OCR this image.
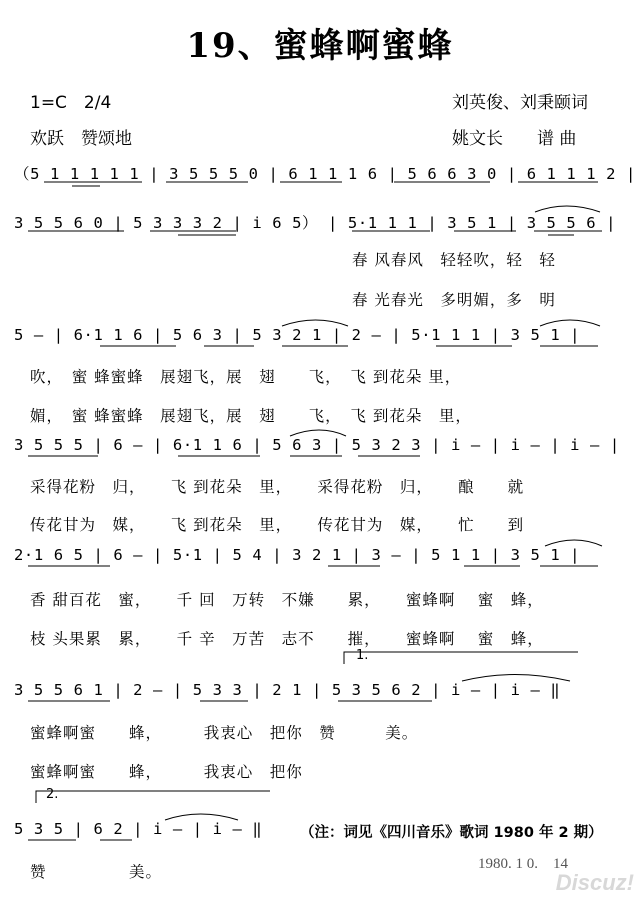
19、蜜蜂啊蜜蜂
1=C　2/4	刘英俊、刘秉颐词
欢跃　赞颂地	姚文长　　谱 曲
（5 1 1 1 1 1 | 3 5 5 5 0 | 6 1 1 1 6 | 5 6 6 3 0 | 6 1 1 1 2 |
3 5 5 6 0 | 5 3 3 3 2 | i 6 5） | 5·1 1 1 | 3 5 1 | 3 5 5 6 |
春 风春风　轻轻吹，轻　轻
春 光春光　多明媚，多　明
5 — | 6·1 1 6 | 5 6 3 | 5 3 2 1 | 2 — | 5·1 1 1 | 3 5 1 |
吹，　蜜 蜂蜜蜂　展翅飞，展　翅　　飞，　飞 到花朵 里，
媚，　蜜 蜂蜜蜂　展翅飞，展　翅　　飞，　飞 到花朵　里，
3 5 5 5 | 6 — | 6·1 1 6 | 5 6 3 | 5 3 2 3 | i — | i — | i — |
采得花粉　归，　　飞 到花朵　里，　　采得花粉　归，　　酿　　就
传花甘为　媒，　　飞 到花朵　里，　　传花甘为　媒，　　忙　　到
2·1 6 5 | 6 — | 5·1 | 5 4 | 3 2 1 | 3 — | 5 1 1 | 3 5 1 |
香 甜百花　蜜，　　千 回　万转　不嫌　　累，　　蜜蜂啊　 蜜　蜂，
枝 头果累　累，　　千 辛　万苦　志不　　摧，　　蜜蜂啊　 蜜　蜂，
1.
3 5 5 6 1 | 2 — | 5 3 3 | 2 1 | 5 3 5 6 2 | i — | i — ‖
蜜蜂啊蜜　　蜂，　　　我衷心　把你　赞　　　美。
蜜蜂啊蜜　　蜂，　　　我衷心　把你
2.
5 3 5 | 6 2 | i — | i — ‖	（注：词见《四川音乐》歌词 1980 年 2 期）
赞　　　　　美。	1980. 1 0.　14
Discuz!
